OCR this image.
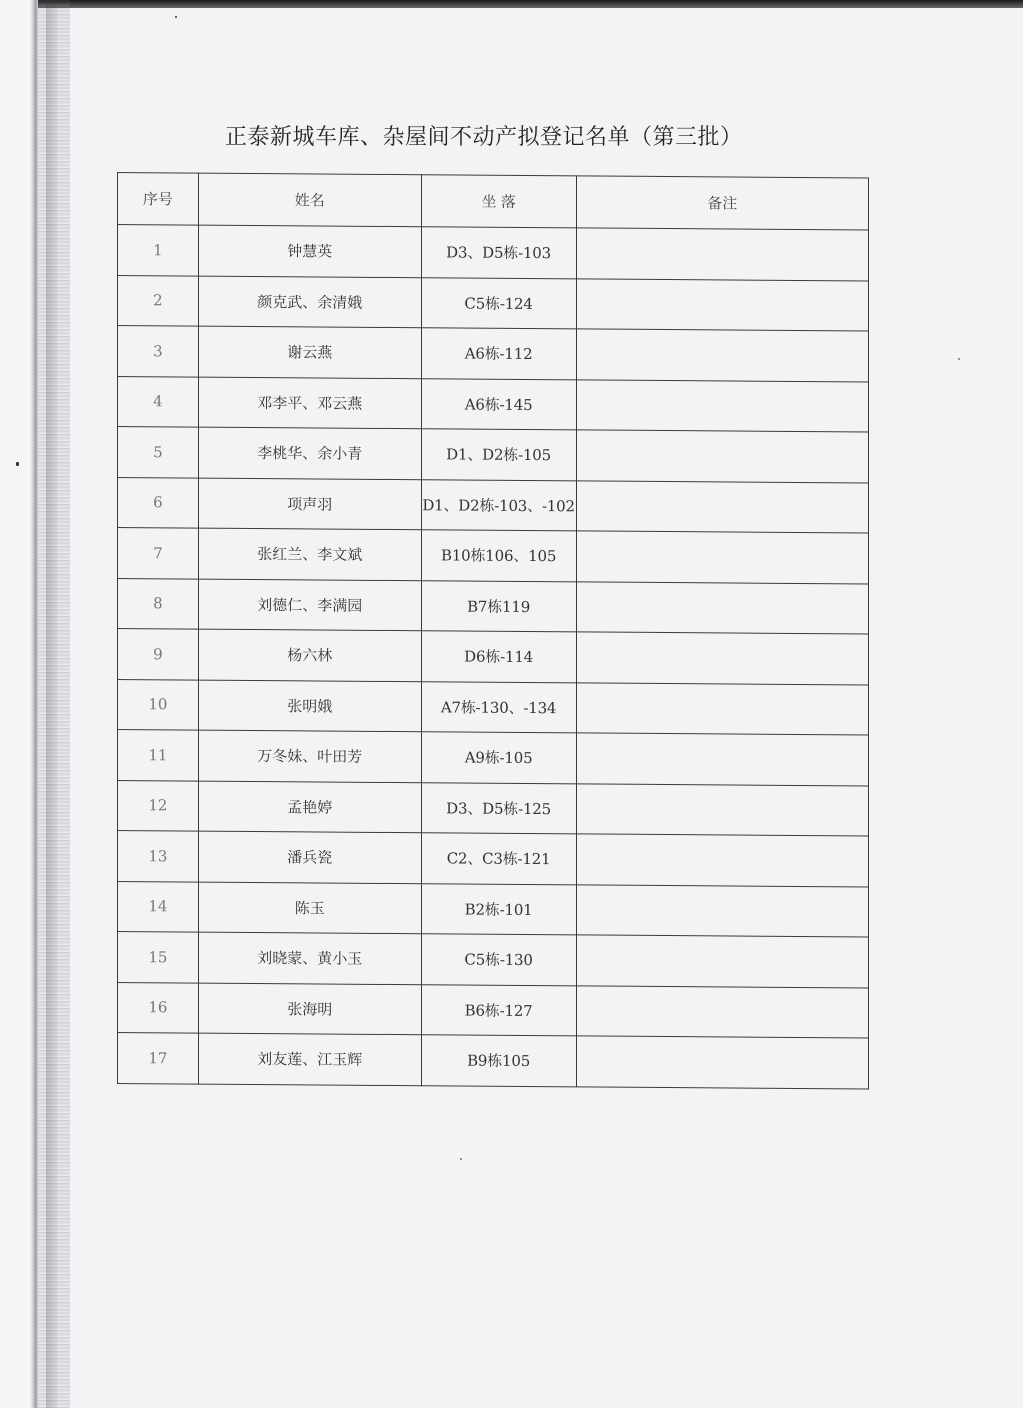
正泰新城车库、杂屋间不动产拟登记名单（第三批）
序号	姓名	坐 落	备注
1	钟慧英	D3、D5栋-103	
2	颜克武、余清娥	C5栋-124	
3	谢云燕	A6栋-112	
4	邓李平、邓云燕	A6栋-145	
5	李桃华、余小青	D1、D2栋-105	
6	项声羽	D1、D2栋-103、-102	
7	张红兰、李文斌	B10栋106、105	
8	刘德仁、李满园	B7栋119	
9	杨六林	D6栋-114	
10	张明娥	A7栋-130、-134	
11	万冬妹、叶田芳	A9栋-105	
12	孟艳婷	D3、D5栋-125	
13	潘兵瓷	C2、C3栋-121	
14	陈玉	B2栋-101	
15	刘晓蒙、黄小玉	C5栋-130	
16	张海明	B6栋-127	
17	刘友莲、江玉辉	B9栋105	
